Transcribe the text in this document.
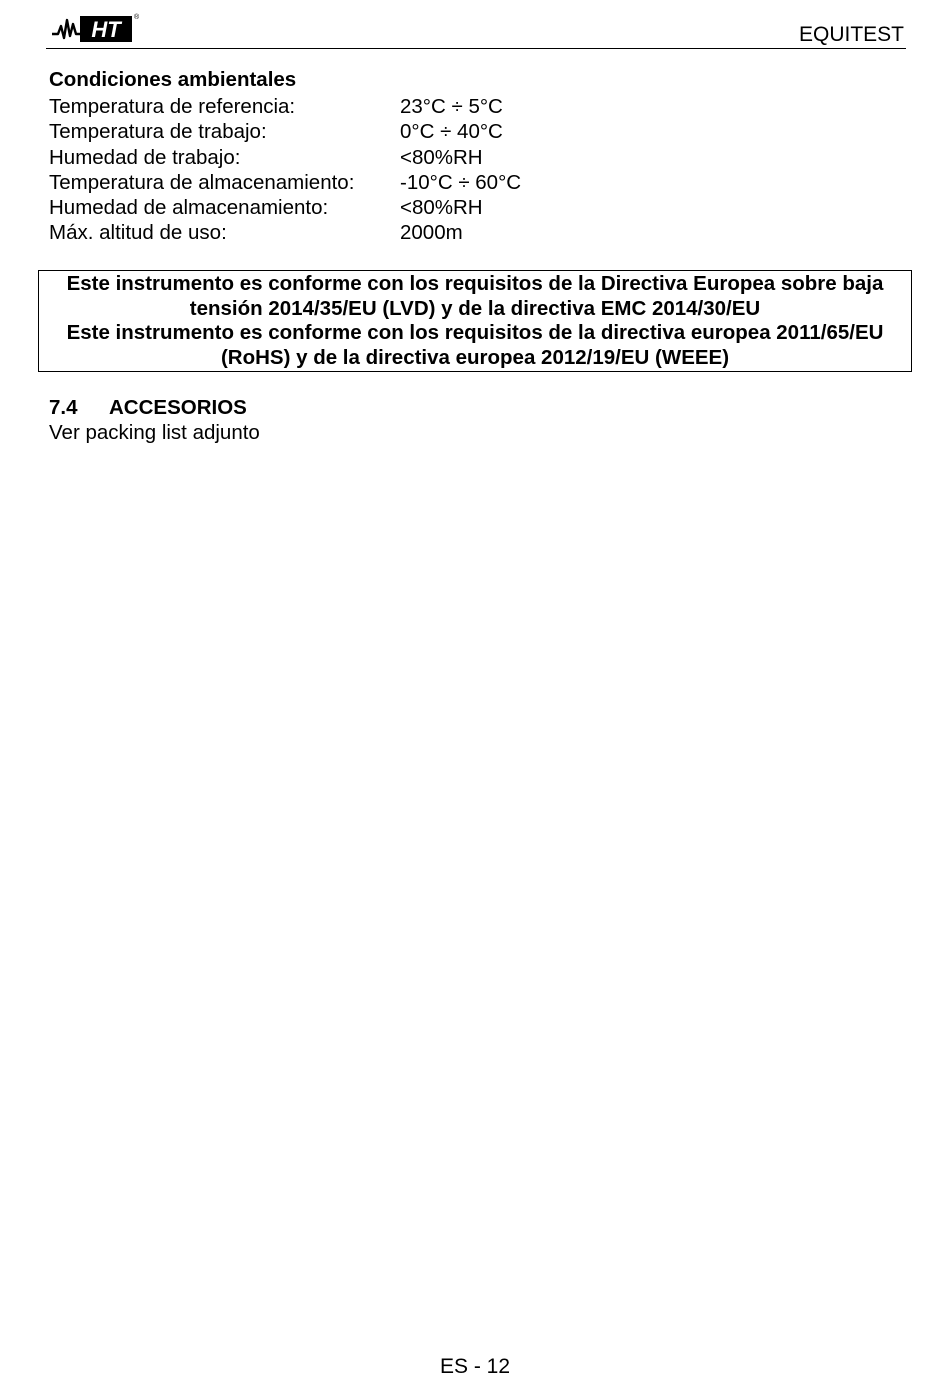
HT ®
EQUITEST
Condiciones ambientales
Temperatura de referencia:	23°C ÷ 5°C
Temperatura de trabajo:	0°C ÷ 40°C
Humedad de trabajo:	<80%RH
Temperatura de almacenamiento:	-10°C ÷ 60°C
Humedad de almacenamiento:	<80%RH
Máx. altitud de uso:	2000m

Este instrumento es conforme con los requisitos de la Directiva Europea sobre baja tensión 2014/35/EU (LVD) y de la directiva EMC 2014/30/EU

Este instrumento es conforme con los requisitos de la directiva europea 2011/65/EU (RoHS) y de la directiva europea 2012/19/EU (WEEE)

7.4	ACCESORIOS
Ver packing list adjunto
ES - 12
